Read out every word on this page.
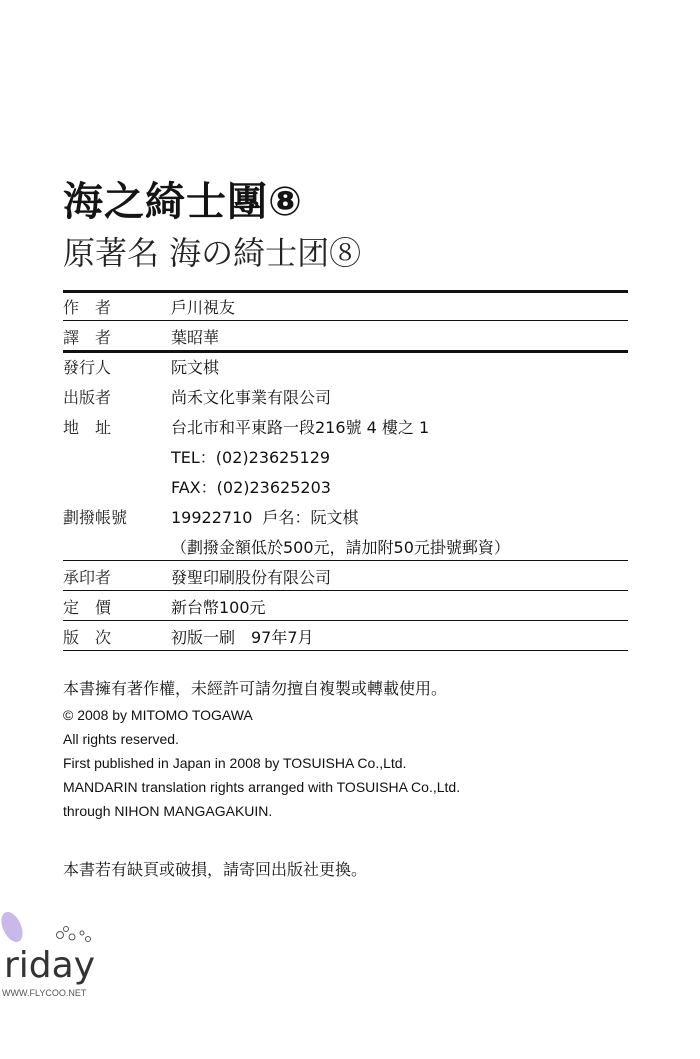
海之綺士團⑧
原著名 海の綺士团⑧
作　者	戶川視友
譯　者	葉昭華
發行人	阮文棋
出版者	尚禾文化事業有限公司
地　址	台北市和平東路一段216號 4 樓之 1
TEL：(02)23625129
FAX：(02)23625203
劃撥帳號	19922710 戶名：阮文棋
（劃撥金額低於500元，請加附50元掛號郵資）
承印者	發聖印刷股份有限公司
定　價	新台幣100元
版　次	初版一刷　97年7月
本書擁有著作權，未經許可請勿擅自複製或轉載使用。
© 2008 by MITOMO TOGAWA
All rights reserved.
First published in Japan in 2008 by TOSUISHA Co.,Ltd.
MANDARIN translation rights arranged with TOSUISHA Co.,Ltd.
through NIHON MANGAGAKUIN.
本書若有缺頁或破損，請寄回出版社更換。
riday
WWW.FLYCOO.NET
